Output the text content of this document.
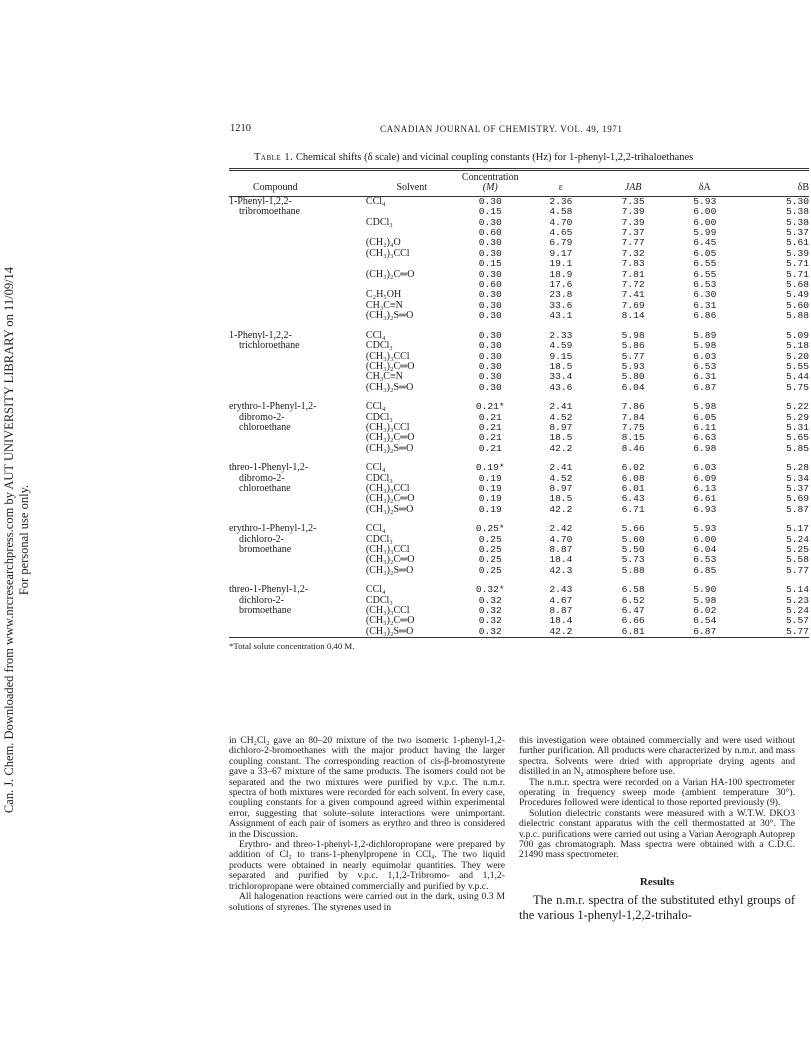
Can. J. Chem. Downloaded from www.nrcresearchpress.com by AUT UNIVERSITY LIBRARY on 11/09/14 For personal use only.
1210	CANADIAN JOURNAL OF CHEMISTRY. VOL. 49, 1971
Table 1. Chemical shifts (δ scale) and vicinal coupling constants (Hz) for 1-phenyl-1,2,2-trihaloethanes
Compound	Solvent	Concentration
(M)	ε	JAB	δA	δB

1-Phenyl-1,2,2-	CCl₄	0.30	2.36	7.35	5.93	5.30
tribromoethane		0.15	4.58	7.39	6.00	5.38
	CDCl₃	0.30	4.70	7.39	6.00	5.38
		0.60	4.65	7.37	5.99	5.37
	(CH₂)₄O	0.30	6.79	7.77	6.45	5.61
	(CH₃)₃CCl	0.30	9.17	7.32	6.05	5.39
		0.15	19.1	7.83	6.55	5.71
	(CH₃)₂C═O	0.30	18.9	7.81	6.55	5.71
		0.60	17.6	7.72	6.53	5.68
	C₂H₅OH	0.30	23.8	7.41	6.30	5.49
	CH₃C≡N	0.30	33.6	7.69	6.31	5.60
	(CH₃)₂S═O	0.30	43.1	8.14	6.86	5.88

1-Phenyl-1,2,2-	CCl₄	0.30	2.33	5.98	5.89	5.09
trichloroethane	CDCl₃	0.30	4.59	5.86	5.98	5.18
	(CH₃)₃CCl	0.30	9.15	5.77	6.03	5.20
	(CH₃)₂C═O	0.30	18.5	5.93	6.53	5.55
	CH₃C≡N	0.30	33.4	5.80	6.31	5.44
	(CH₃)₂S═O	0.30	43.6	6.04	6.87	5.75

erythro-1-Phenyl-1,2-	CCl₄	0.21*	2.41	7.86	5.98	5.22
dibromo-2-	CDCl₃	0.21	4.52	7.84	6.05	5.29
chloroethane	(CH₃)₃CCl	0.21	8.97	7.75	6.11	5.31
	(CH₃)₂C═O	0.21	18.5	8.15	6.63	5.65
	(CH₃)₂S═O	0.21	42.2	8.46	6.98	5.85

threo-1-Phenyl-1,2-	CCl₄	0.19*	2.41	6.02	6.03	5.28
dibromo-2-	CDCl₃	0.19	4.52	6.08	6.09	5.34
chloroethane	(CH₃)₃CCl	0.19	8.97	6.01	6.13	5.37
	(CH₃)₂C═O	0.19	18.5	6.43	6.61	5.69
	(CH₃)₂S═O	0.19	42.2	6.71	6.93	5.87

erythro-1-Phenyl-1,2-	CCl₄	0.25*	2.42	5.66	5.93	5.17
dichloro-2-	CDCl₃	0.25	4.70	5.60	6.00	5.24
bromoethane	(CH₃)₃CCl	0.25	8.87	5.50	6.04	5.25
	(CH₃)₂C═O	0.25	18.4	5.73	6.53	5.58
	(CH₃)₂S═O	0.25	42.3	5.88	6.85	5.77

threo-1-Phenyl-1,2-	CCl₄	0.32*	2.43	6.58	5.90	5.14
dichloro-2-	CDCl₃	0.32	4.67	6.52	5.98	5.23
bromoethane	(CH₃)₃CCl	0.32	8.87	6.47	6.02	5.24
	(CH₃)₂C═O	0.32	18.4	6.66	6.54	5.57
	(CH₃)₂S═O	0.32	42.2	6.81	6.87	5.77
*Total solute concentration 0.40 M.

in CH₂Cl₂ gave an 80–20 mixture of the two isomeric 1-phenyl-1,2-dichloro-2-bromoethanes with the major product having the larger coupling constant. The corresponding reaction of cis-β-bromostyrene gave a 33–67 mixture of the same products. The isomers could not be separated and the two mixtures were purified by v.p.c. The n.m.r. spectra of both mixtures were recorded for each solvent. In every case, coupling constants for a given compound agreed within experimental error, suggesting that solute–solute interactions were unimportant. Assignment of each pair of isomers as erythro and threo is considered in the Discussion.

Erythro- and threo-1-phenyl-1,2-dichloropropane were prepared by addition of Cl₂ to trans-1-phenylpropene in CCl₄. The two liquid products were obtained in nearly equimolar quantities. They were separated and purified by v.p.c. 1,1,2-Tribromo- and 1,1,2-trichloropropane were obtained commercially and purified by v.p.c.

All halogenation reactions were carried out in the dark, using 0.3 M solutions of styrenes. The styrenes used in

this investigation were obtained commercially and were used without further purification. All products were characterized by n.m.r. and mass spectra. Solvents were dried with appropriate drying agents and distilled in an N₂ atmosphere before use.

The n.m.r. spectra were recorded on a Varian HA-100 spectrometer operating in frequency sweep mode (ambient temperature 30°). Procedures followed were identical to those reported previously (9).

Solution dielectric constants were measured with a W.T.W. DKO3 dielectric constant apparatus with the cell thermostatted at 30°. The v.p.c. purifications were carried out using a Varian Aerograph Autoprep 700 gas chromatograph. Mass spectra were obtained with a C.D.C. 21490 mass spectrometer.

Results

The n.m.r. spectra of the substituted ethyl groups of the various 1-phenyl-1,2,2-trihalo-
